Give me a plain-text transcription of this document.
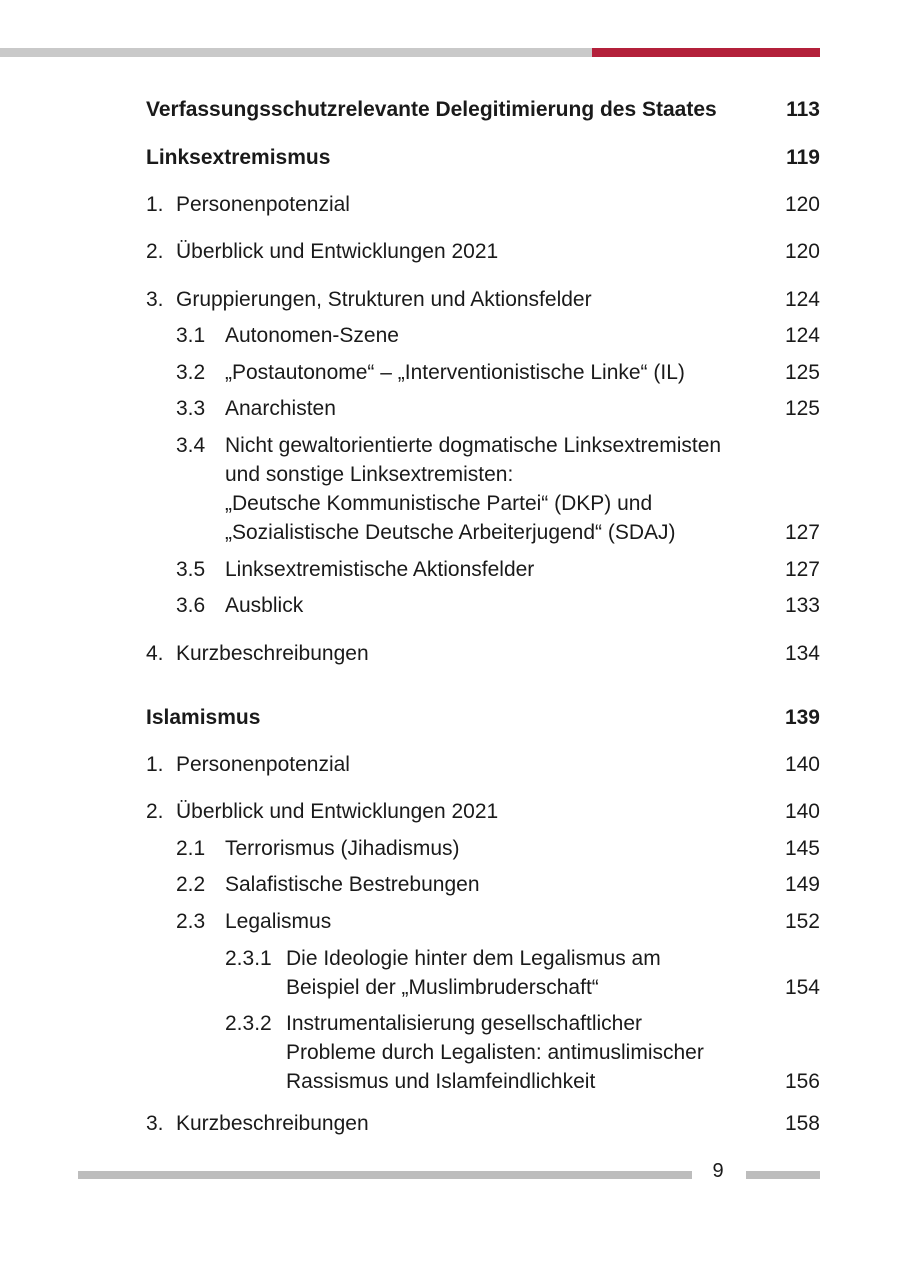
Verfassungsschutzrelevante Delegitimierung des Staates	113
Linksextremismus	119
1. Personenpotenzial	120
2. Überblick und Entwicklungen 2021	120
3. Gruppierungen, Strukturen und Aktionsfelder	124
3.1 Autonomen-Szene	124
3.2 „Postautonome“ – „Interventionistische Linke“ (IL)	125
3.3 Anarchisten	125
3.4 Nicht gewaltorientierte dogmatische Linksextremisten
und sonstige Linksextremisten:
„Deutsche Kommunistische Partei“ (DKP) und
„Sozialistische Deutsche Arbeiterjugend“ (SDAJ)	127
3.5 Linksextremistische Aktionsfelder	127
3.6 Ausblick	133
4. Kurzbeschreibungen	134
Islamismus	139
1. Personenpotenzial	140
2. Überblick und Entwicklungen 2021	140
2.1 Terrorismus (Jihadismus)	145
2.2 Salafistische Bestrebungen	149
2.3 Legalismus	152
2.3.1 Die Ideologie hinter dem Legalismus am
Beispiel der „Muslimbruderschaft“	154
2.3.2 Instrumentalisierung gesellschaftlicher
Probleme durch Legalisten: antimuslimischer
Rassismus und Islamfeindlichkeit	156
3. Kurzbeschreibungen	158
9
